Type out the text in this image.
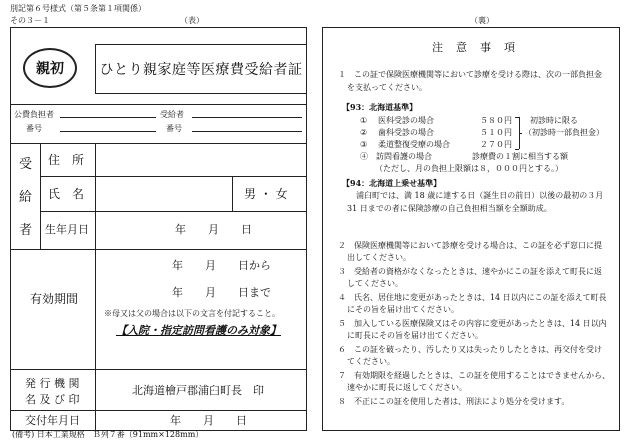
別記第６号様式（第５条第１項関係）
その３－１	（表）	（裏）
親初	ひとり親家庭等医療費受給者証
公費負担者
番号
受給者
番号
受
給
者
住　所
氏　名	男 ・ 女
生年月日	年　　月　　日
有効期間
年　　月　　日から
年　　月　　日まで
※母又は父の場合は以下の文言を付記すること。
【入院・指定訪問看護のみ対象】
発 行 機 関
名 及 び 印
北海道檜戸郡浦臼町長　印
交付年月日	年　　月　　日
(備考) 日本工業規格　Ｂ列７番（91mm×128mm）
注　意　事　項
１　この証で保険医療機関等において診療を受ける際は、次の一部負担金
を支払ってください。
【93：北海道基準】
① 医科受診の場合	５８０円
② 歯科受診の場合	５１０円
③ 柔道整復受療の場合	２７０円
初診時に限る
（初診時一部負担金）
④　訪問看護の場合　　　　　診療費の１割に相当する額
（ただし、月の負担上限額は８，０００円とする。）
【94：北海道上乗せ基準】
浦臼町では、満 18 歳に達する日（誕生日の前日）以後の最初の３月
31 日までの者に保険診療の自己負担相当額を全額助成。
２　保険医療機関等において診療を受ける場合は、この証を必ず窓口に提
出してください。
３　受給者の資格がなくなったときは、速やかにこの証を添えて町長に返
してください。
４　氏名、居住地に変更があったときは、14 日以内にこの証を添えて町長
にその旨を届け出てください。
５　加入している医療保険又はその内容に変更があったときは、14 日以内
に町長にその旨を届け出てください。
６　この証を破ったり、汚したり又は失ったりしたときは、再交付を受け
てください。
７　有効期限を経過したときは、この証を使用することはできませんから、
速やかに町長に返してください。
８　不正にこの証を使用した者は、刑法により処分を受けます。
